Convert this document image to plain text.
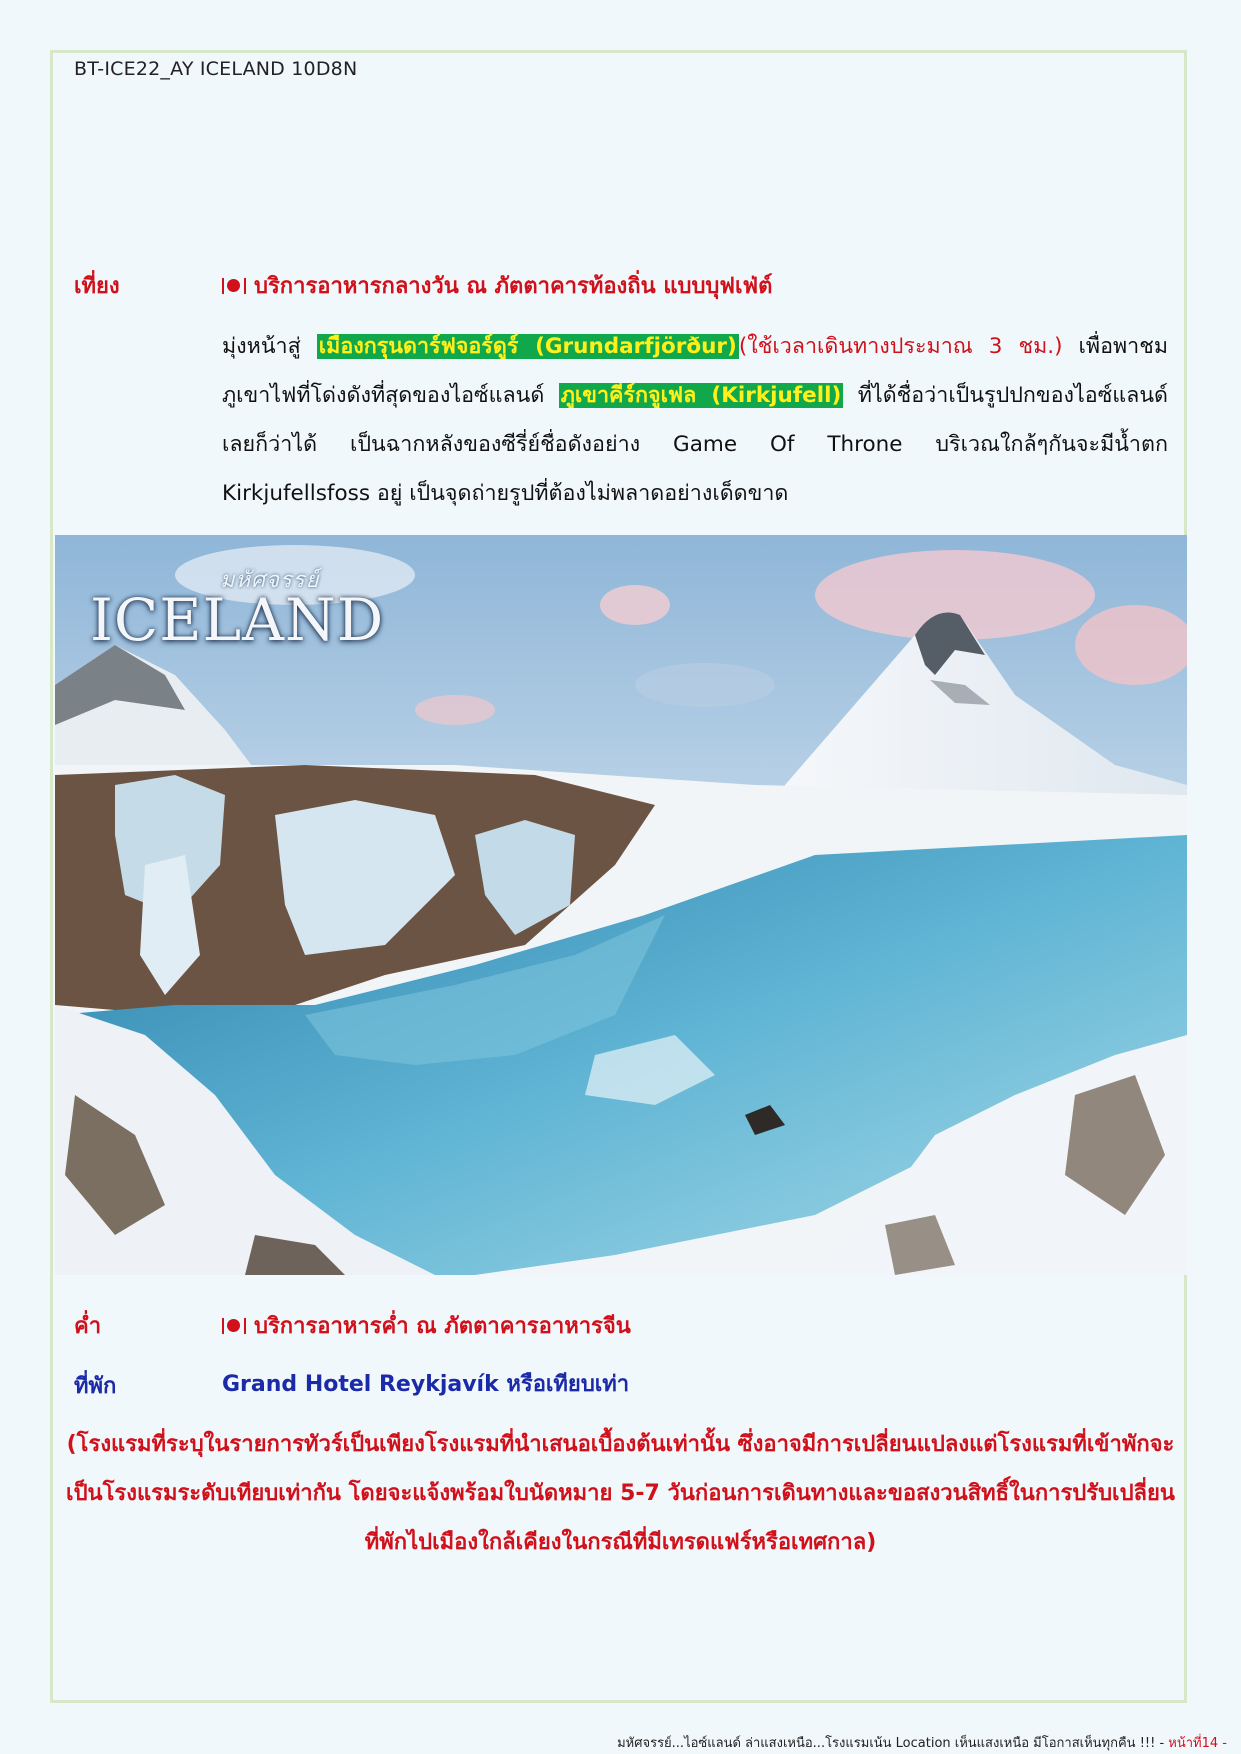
BT-ICE22_AY ICELAND 10D8N
เที่ยง	บริการอาหารกลางวัน ณ ภัตตาคารท้องถิ่น แบบบุฟเฟ่ต์
มุ่งหน้าสู่ เมืองกรุนดาร์ฟจอร์ดูร์ (Grundarfjörður)(ใช้เวลาเดินทางประมาณ 3 ชม.) เพื่อพาชมภูเขาไฟที่โด่งดังที่สุดของไอซ์แลนด์ ภูเขาคีร์กจูเฟล (Kirkjufell) ที่ได้ชื่อว่าเป็นรูปปกของไอซ์แลนด์เลยก็ว่าได้ เป็นฉากหลังของซีรี่ย์ชื่อดังอย่าง Game Of Throne บริเวณใกล้ๆกันจะมีน้ำตก Kirkjufellsfoss อยู่ เป็นจุดถ่ายรูปที่ต้องไม่พลาดอย่างเด็ดขาด
มหัศจรรย์
ICELAND
ค่ำ	บริการอาหารค่ำ ณ ภัตตาคารอาหารจีน
ที่พัก	Grand Hotel Reykjavík หรือเทียบเท่า
(โรงแรมที่ระบุในรายการทัวร์เป็นเพียงโรงแรมที่นำเสนอเบื้องต้นเท่านั้น ซึ่งอาจมีการเปลี่ยนแปลงแต่โรงแรมที่เข้าพักจะเป็นโรงแรมระดับเทียบเท่ากัน โดยจะแจ้งพร้อมใบนัดหมาย 5-7 วันก่อนการเดินทางและขอสงวนสิทธิ์ในการปรับเปลี่ยนที่พักไปเมืองใกล้เคียงในกรณีที่มีเทรดแฟร์หรือเทศกาล)
มหัศจรรย์...ไอซ์แลนด์ ล่าแสงเหนือ...โรงแรมเน้น Location เห็นแสงเหนือ มีโอกาสเห็นทุกคืน !!! - หน้าที่14 -
